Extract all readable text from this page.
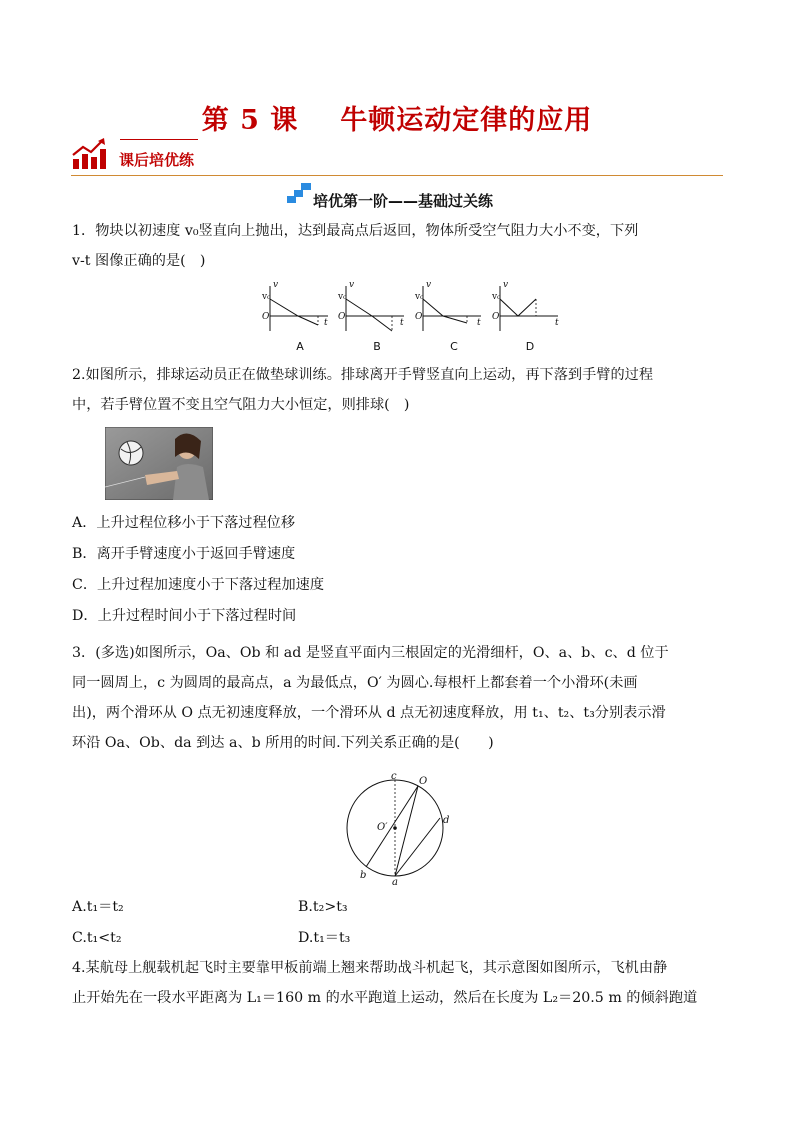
第 5 课 牛顿运动定律的应用
课后培优练
培优第一阶——基础过关练
1．物块以初速度 v₀竖直向上抛出，达到最高点后返回，物体所受空气阻力大小不变，下列
v-t 图像正确的是(　)
v₀
O
v
t
v₀
O
v
t
v₀
O
v
t
v₀
O
v
t
A	B	C	D
2.如图所示，排球运动员正在做垫球训练。排球离开手臂竖直向上运动，再下落到手臂的过程
中，若手臂位置不变且空气阻力大小恒定，则排球(　)
A．上升过程位移小于下落过程位移
B．离开手臂速度小于返回手臂速度
C．上升过程加速度小于下落过程加速度
D．上升过程时间小于下落过程时间
3．(多选)如图所示，Oa、Ob 和 ad 是竖直平面内三根固定的光滑细杆，O、a、b、c、d 位于
同一圆周上，c 为圆周的最高点，a 为最低点，O′ 为圆心.每根杆上都套着一个小滑环(未画
出)，两个滑环从 O 点无初速度释放，一个滑环从 d 点无初速度释放，用 t₁、t₂、t₃分别表示滑
环沿 Oa、Ob、da 到达 a、b 所用的时间.下列关系正确的是(　　)
c O
O′
d
b
a
A.t₁＝t₂	B.t₂>t₃
C.t₁<t₂	D.t₁＝t₃
4.某航母上舰载机起飞时主要靠甲板前端上翘来帮助战斗机起飞，其示意图如图所示，飞机由静
止开始先在一段水平距离为 L₁＝160 m 的水平跑道上运动，然后在长度为 L₂＝20.5 m 的倾斜跑道
